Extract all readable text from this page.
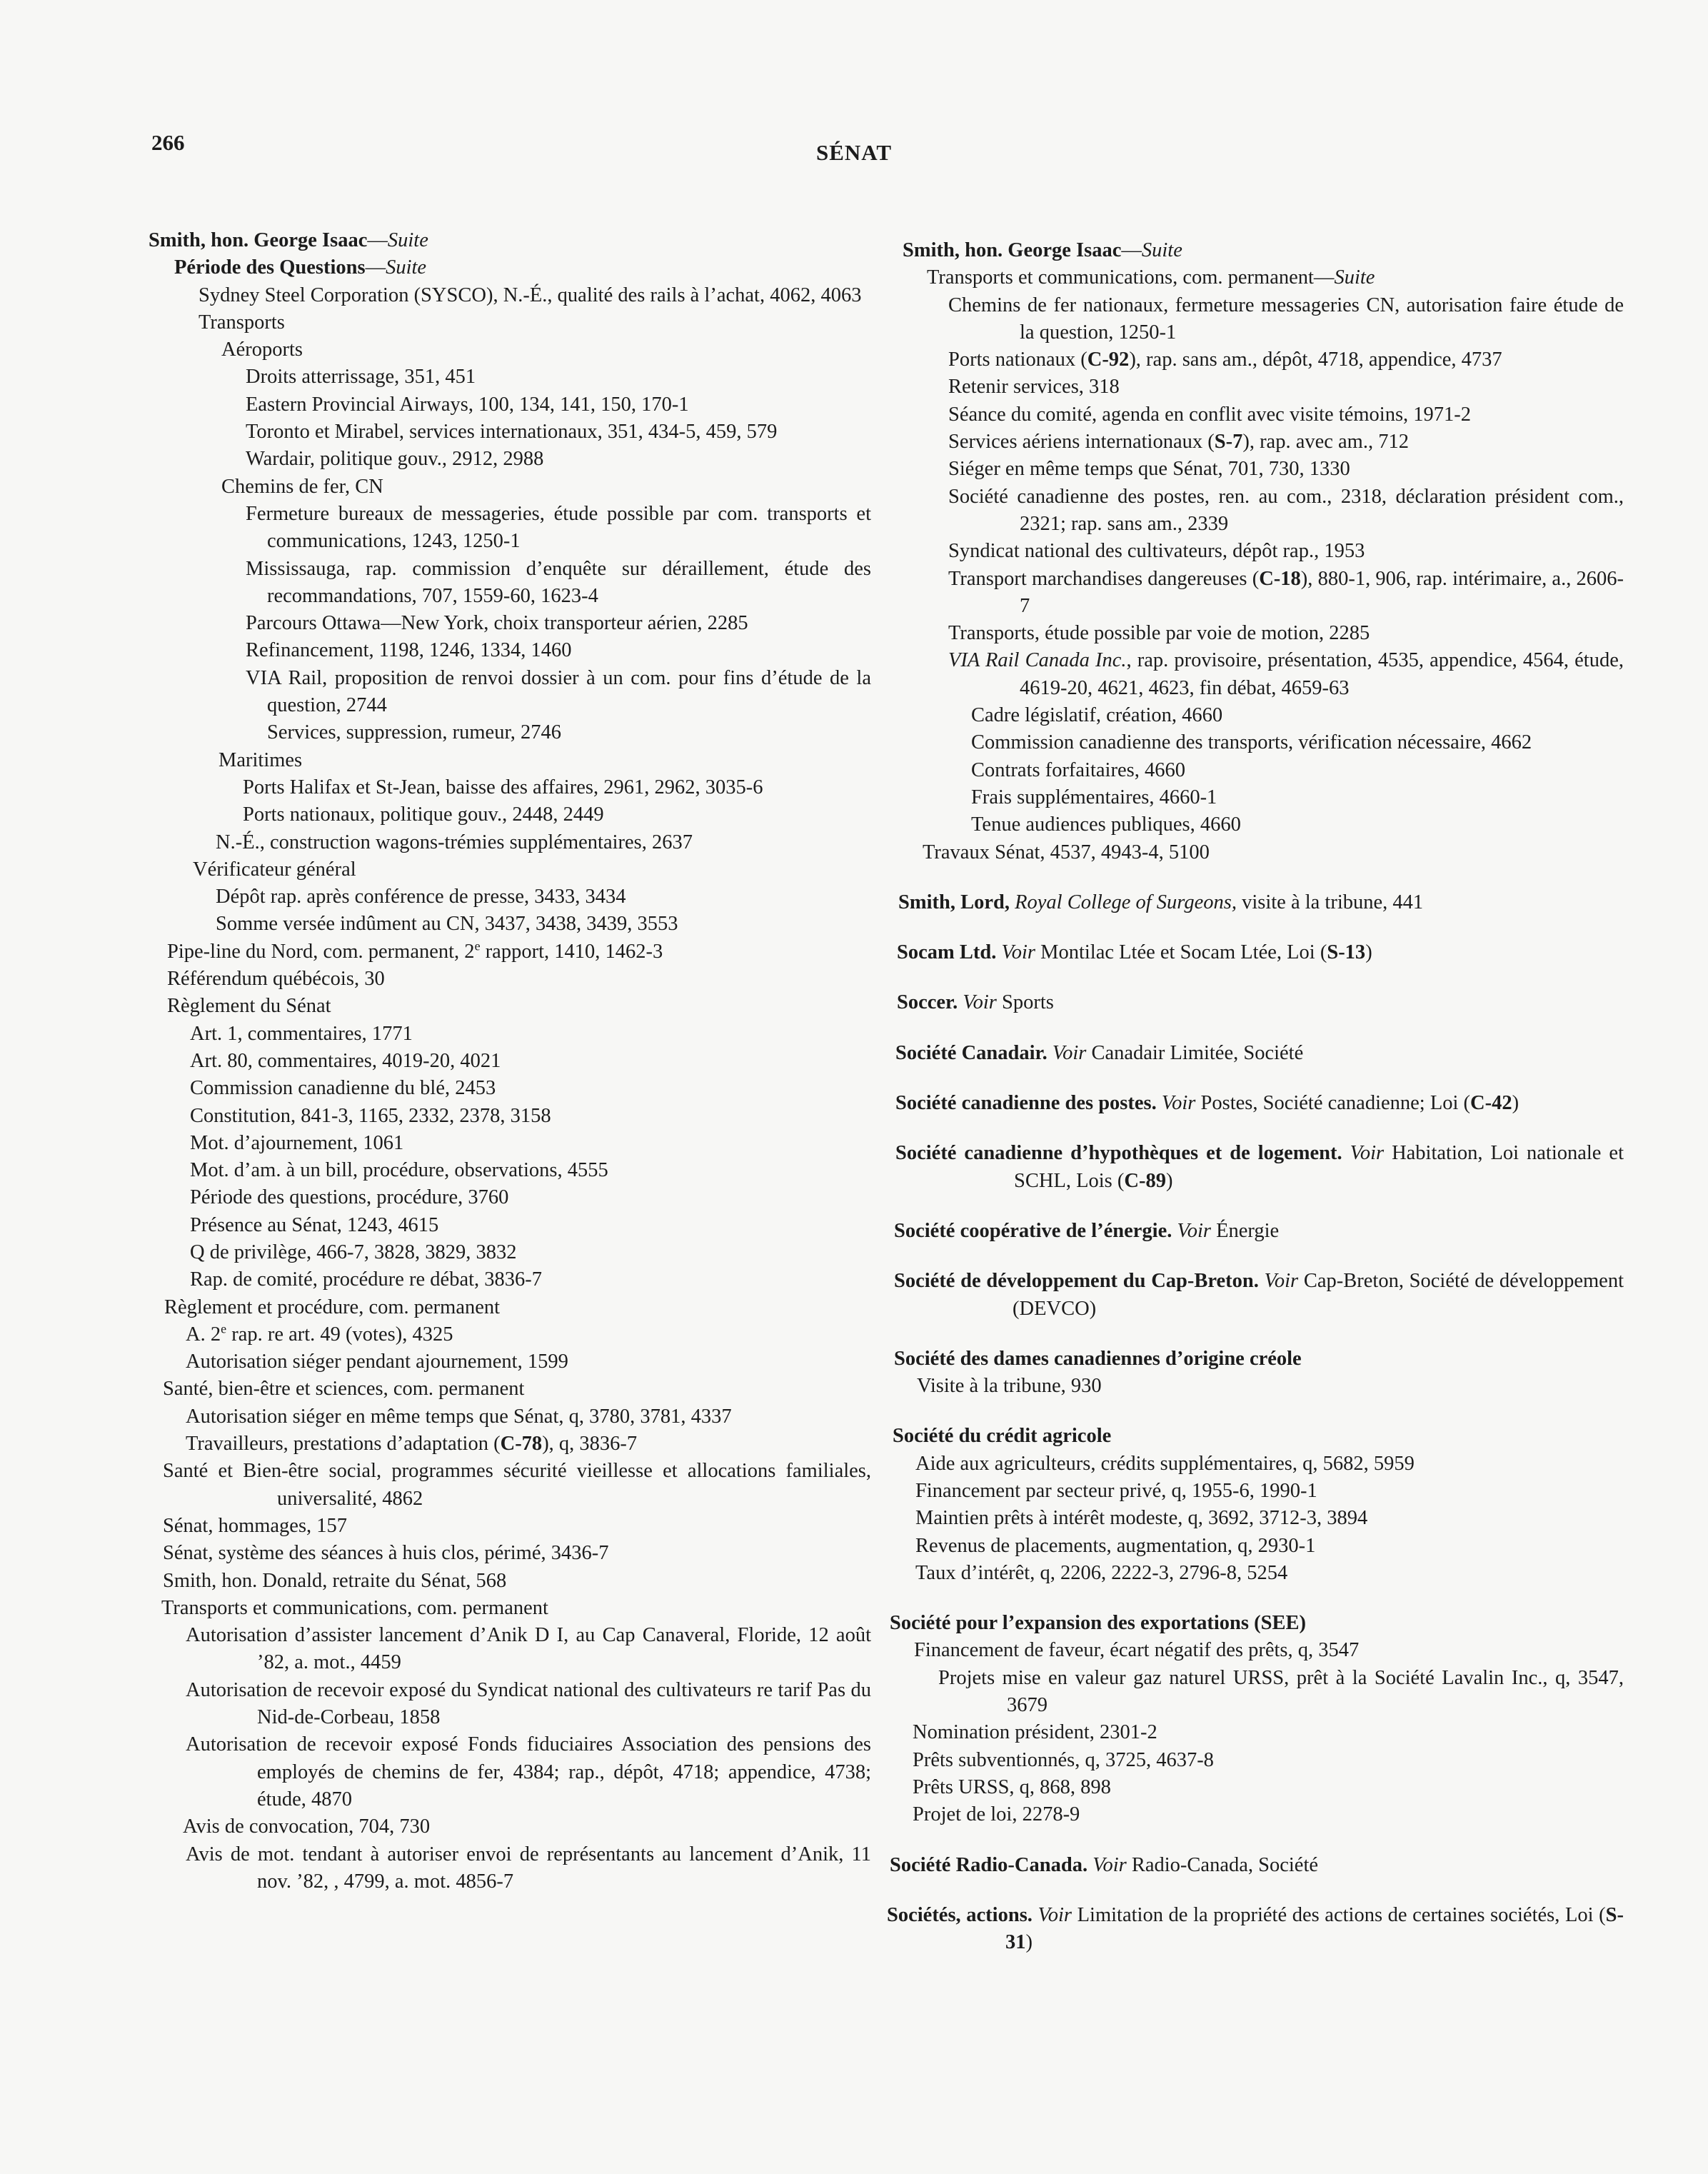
266	SÉNAT

Smith, hon. George Isaac—Suite
Période des Questions—Suite
Sydney Steel Corporation (SYSCO), N.-É., qualité des rails à l’achat, 4062, 4063
Transports
Aéroports
Droits atterrissage, 351, 451
Eastern Provincial Airways, 100, 134, 141, 150, 170-1
Toronto et Mirabel, services internationaux, 351, 434-5, 459, 579
Wardair, politique gouv., 2912, 2988
Chemins de fer, CN
Fermeture bureaux de messageries, étude possible par com. transports et communications, 1243, 1250-1
Mississauga, rap. commission d’enquête sur déraillement, étude des recommandations, 707, 1559-60, 1623-4
Parcours Ottawa—New York, choix transporteur aérien, 2285
Refinancement, 1198, 1246, 1334, 1460
VIA Rail, proposition de renvoi dossier à un com. pour fins d’étude de la question, 2744
Services, suppression, rumeur, 2746
Maritimes
Ports Halifax et St-Jean, baisse des affaires, 2961, 2962, 3035-6
Ports nationaux, politique gouv., 2448, 2449
N.-É., construction wagons-trémies supplémentaires, 2637
Vérificateur général
Dépôt rap. après conférence de presse, 3433, 3434
Somme versée indûment au CN, 3437, 3438, 3439, 3553
Pipe-line du Nord, com. permanent, 2e rapport, 1410, 1462-3
Référendum québécois, 30
Règlement du Sénat
Art. 1, commentaires, 1771
Art. 80, commentaires, 4019-20, 4021
Commission canadienne du blé, 2453
Constitution, 841-3, 1165, 2332, 2378, 3158
Mot. d’ajournement, 1061
Mot. d’am. à un bill, procédure, observations, 4555
Période des questions, procédure, 3760
Présence au Sénat, 1243, 4615
Q de privilège, 466-7, 3828, 3829, 3832
Rap. de comité, procédure re débat, 3836-7
Règlement et procédure, com. permanent
A. 2e rap. re art. 49 (votes), 4325
Autorisation siéger pendant ajournement, 1599
Santé, bien-être et sciences, com. permanent
Autorisation siéger en même temps que Sénat, q, 3780, 3781, 4337
Travailleurs, prestations d’adaptation (C-78), q, 3836-7
Santé et Bien-être social, programmes sécurité vieillesse et allocations familiales, universalité, 4862
Sénat, hommages, 157
Sénat, système des séances à huis clos, périmé, 3436-7
Smith, hon. Donald, retraite du Sénat, 568
Transports et communications, com. permanent
Autorisation d’assister lancement d’Anik D I, au Cap Canaveral, Floride, 12 août ’82, a. mot., 4459
Autorisation de recevoir exposé du Syndicat national des cultivateurs re tarif Pas du Nid-de-Corbeau, 1858
Autorisation de recevoir exposé Fonds fiduciaires Association des pensions des employés de chemins de fer, 4384; rap., dépôt, 4718; appendice, 4738; étude, 4870
Avis de convocation, 704, 730
Avis de mot. tendant à autoriser envoi de représentants au lancement d’Anik, 11 nov. ’82, , 4799, a. mot. 4856-7
Smith, hon. George Isaac—Suite
Transports et communications, com. permanent—Suite
Chemins de fer nationaux, fermeture messageries CN, autorisation faire étude de la question, 1250-1
Ports nationaux (C-92), rap. sans am., dépôt, 4718, appendice, 4737
Retenir services, 318
Séance du comité, agenda en conflit avec visite témoins, 1971-2
Services aériens internationaux (S-7), rap. avec am., 712
Siéger en même temps que Sénat, 701, 730, 1330
Société canadienne des postes, ren. au com., 2318, déclaration président com., 2321; rap. sans am., 2339
Syndicat national des cultivateurs, dépôt rap., 1953
Transport marchandises dangereuses (C-18), 880-1, 906, rap. intérimaire, a., 2606-7
Transports, étude possible par voie de motion, 2285
VIA Rail Canada Inc., rap. provisoire, présentation, 4535, appendice, 4564, étude, 4619-20, 4621, 4623, fin débat, 4659-63
Cadre législatif, création, 4660
Commission canadienne des transports, vérification nécessaire, 4662
Contrats forfaitaires, 4660
Frais supplémentaires, 4660-1
Tenue audiences publiques, 4660
Travaux Sénat, 4537, 4943-4, 5100
Smith, Lord, Royal College of Surgeons, visite à la tribune, 441
Socam Ltd. Voir Montilac Ltée et Socam Ltée, Loi (S-13)
Soccer. Voir Sports
Société Canadair. Voir Canadair Limitée, Société
Société canadienne des postes. Voir Postes, Société canadienne; Loi (C-42)
Société canadienne d’hypothèques et de logement. Voir Habitation, Loi nationale et SCHL, Lois (C-89)
Société coopérative de l’énergie. Voir Énergie
Société de développement du Cap-Breton. Voir Cap-Breton, Société de développement (DEVCO)
Société des dames canadiennes d’origine créole
Visite à la tribune, 930
Société du crédit agricole
Aide aux agriculteurs, crédits supplémentaires, q, 5682, 5959
Financement par secteur privé, q, 1955-6, 1990-1
Maintien prêts à intérêt modeste, q, 3692, 3712-3, 3894
Revenus de placements, augmentation, q, 2930-1
Taux d’intérêt, q, 2206, 2222-3, 2796-8, 5254
Société pour l’expansion des exportations (SEE)
Financement de faveur, écart négatif des prêts, q, 3547
Projets mise en valeur gaz naturel URSS, prêt à la Société Lavalin Inc., q, 3547, 3679
Nomination président, 2301-2
Prêts subventionnés, q, 3725, 4637-8
Prêts URSS, q, 868, 898
Projet de loi, 2278-9
Société Radio-Canada. Voir Radio-Canada, Société
Sociétés, actions. Voir Limitation de la propriété des actions de certaines sociétés, Loi (S-31)
